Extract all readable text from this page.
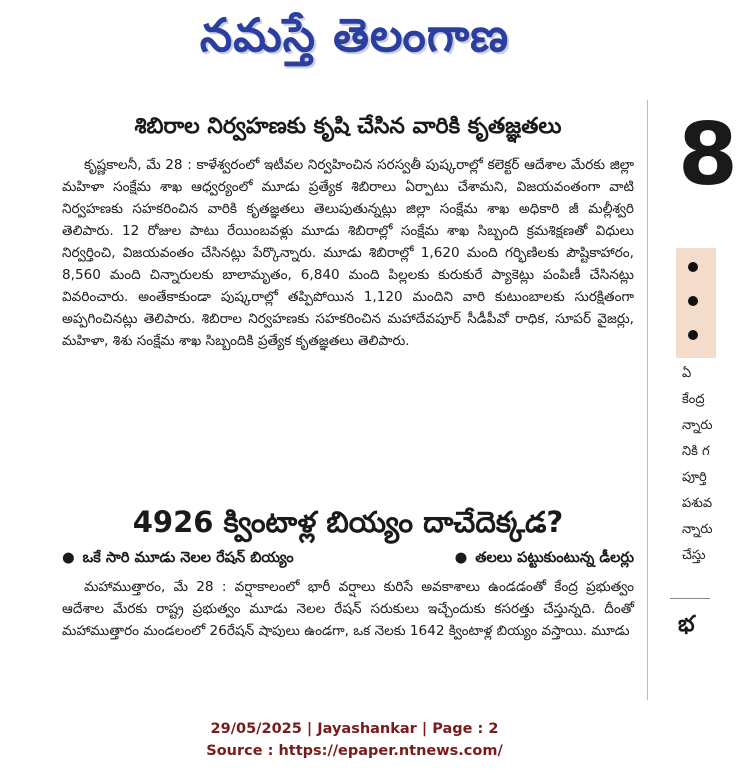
నమస్తే తెలంగాణ
శిబిరాల నిర్వహణకు కృషి చేసిన వారికి కృతజ్ఞతలు

కృష్ణకాలనీ, మే 28 : కాళేశ్వరంలో ఇటీవల నిర్వహించిన సరస్వతీ పుష్కరాల్లో కలెక్టర్ ఆదేశాల మేరకు జిల్లా మహిళా సంక్షేమ శాఖ ఆధ్వర్యంలో మూడు ప్రత్యేక శిబిరాలు ఏర్పాటు చేశామని, విజయవంతంగా వాటి నిర్వహణకు సహకరించిన వారికి కృతజ్ఞతలు తెలుపుతున్నట్లు జిల్లా సంక్షేమ శాఖ అధికారి జీ మల్లీశ్వరి తెలిపారు. 12 రోజుల పాటు రేయింబవళ్లు మూడు శిబిరాల్లో సంక్షేమ శాఖ సిబ్బంది క్రమశిక్షణతో విధులు నిర్వర్తించి, విజయవంతం చేసినట్లు పేర్కొన్నారు. మూడు శిబిరాల్లో 1,620 మంది గర్భిణిలకు పౌష్టికాహారం, 8,560 మంది చిన్నారులకు బాలామృతం, 6,840 మంది పిల్లలకు కురుకురే ప్యాకెట్లు పంపిణీ చేసినట్లు వివరించారు. అంతేకాకుండా పుష్కరాల్లో తప్పిపోయిన 1,120 మందిని వారి కుటుంబాలకు సురక్షితంగా అప్పగించినట్లు తెలిపారు. శిబిరాల నిర్వహణకు సహకరించిన మహాదేవపూర్ సీడీపీవో రాధిక, సూపర్ వైజర్లు, మహిళా, శిశు సంక్షేమ శాఖ సిబ్బందికి ప్రత్యేక కృతజ్ఞతలు తెలిపారు.

4926 క్వింటాళ్ల బియ్యం దాచేదెక్కడ?
● ఒకే సారి మూడు నెలల రేషన్ బియ్యం	● తలలు పట్టుకుంటున్న డీలర్లు

మహాముత్తారం, మే 28 : వర్షాకాలంలో భారీ వర్షాలు కురిసే అవకాశాలు ఉండడంతో కేంద్ర ప్రభుత్వం ఆదేశాల మేరకు రాష్ట్ర ప్రభుత్వం మూడు నెలల రేషన్ సరుకులు ఇచ్చేందుకు కసరత్తు చేస్తున్నది. దీంతో మహాముత్తారం మండలంలో 26రేషన్ షాపులు ఉండగా, ఒక నెలకు 1642 క్వింటాళ్ల బియ్యం వస్తాయి. మూడు

8
ఏ
కేంద్ర
న్నారు
నికి గ
పూర్తి
పశువ
న్నారు
చేస్తు
భ
29/05/2025 | Jayashankar | Page : 2
Source : https://epaper.ntnews.com/
